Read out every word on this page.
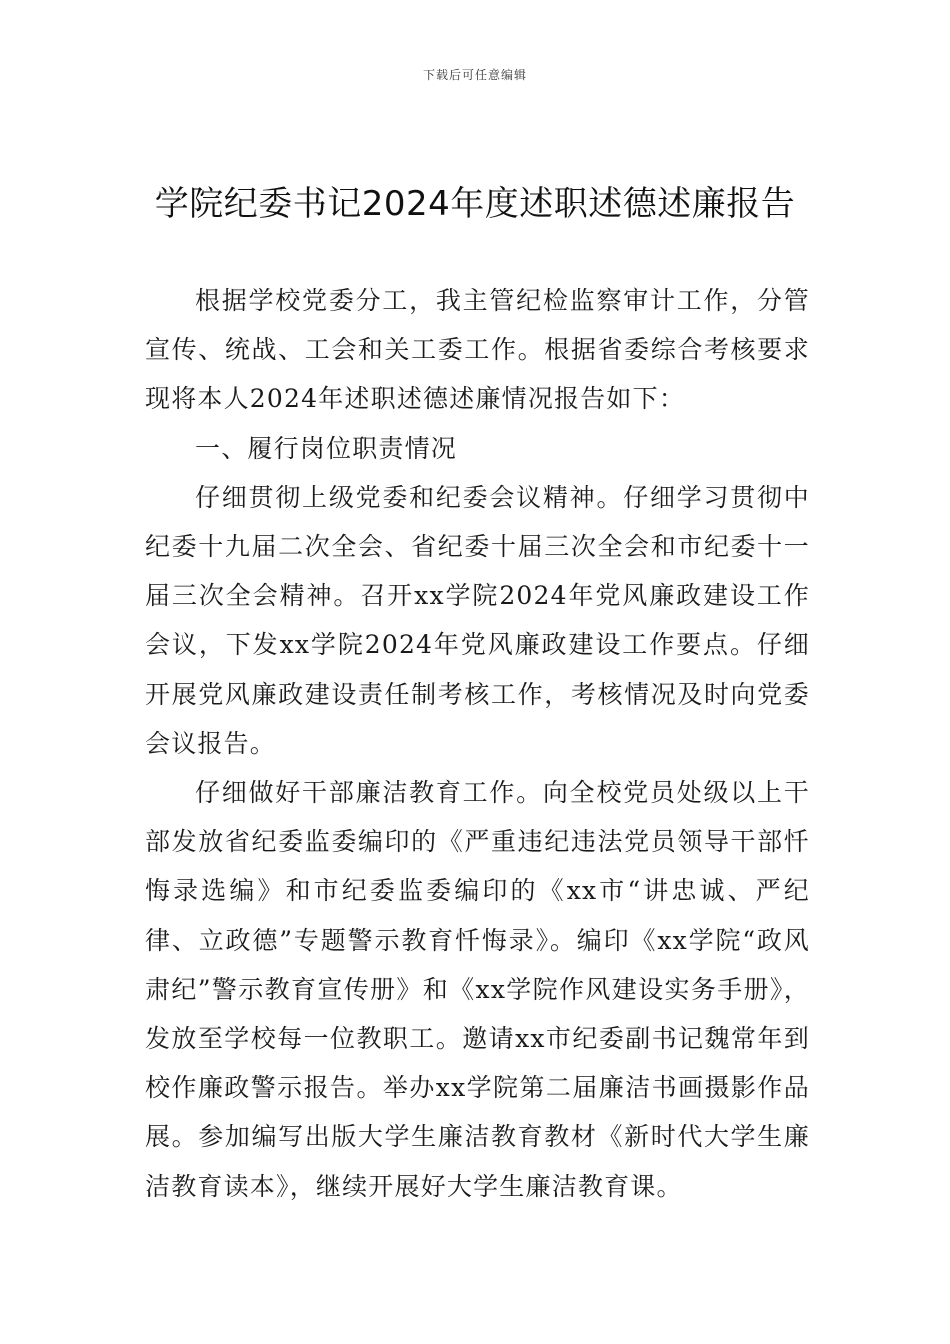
下载后可任意编辑
学院纪委书记2024年度述职述德述廉报告

根据学校党委分工，我主管纪检监察审计工作，分管宣传、统战、工会和关工委工作。根据省委综合考核要求现将本人2024年述职述德述廉情况报告如下：

一、履行岗位职责情况

仔细贯彻上级党委和纪委会议精神。仔细学习贯彻中纪委十九届二次全会、省纪委十届三次全会和市纪委十一届三次全会精神。召开xx学院2024年党风廉政建设工作会议，下发xx学院2024年党风廉政建设工作要点。仔细开展党风廉政建设责任制考核工作，考核情况及时向党委会议报告。

仔细做好干部廉洁教育工作。向全校党员处级以上干部发放省纪委监委编印的《严重违纪违法党员领导干部忏悔录选编》和市纪委监委编印的《xx市“讲忠诚、严纪律、立政德”专题警示教育忏悔录》。编印《xx学院“政风肃纪”警示教育宣传册》和《xx学院作风建设实务手册》，发放至学校每一位教职工。邀请xx市纪委副书记魏常年到校作廉政警示报告。举办xx学院第二届廉洁书画摄影作品展。参加编写出版大学生廉洁教育教材《新时代大学生廉洁教育读本》，继续开展好大学生廉洁教育课。
